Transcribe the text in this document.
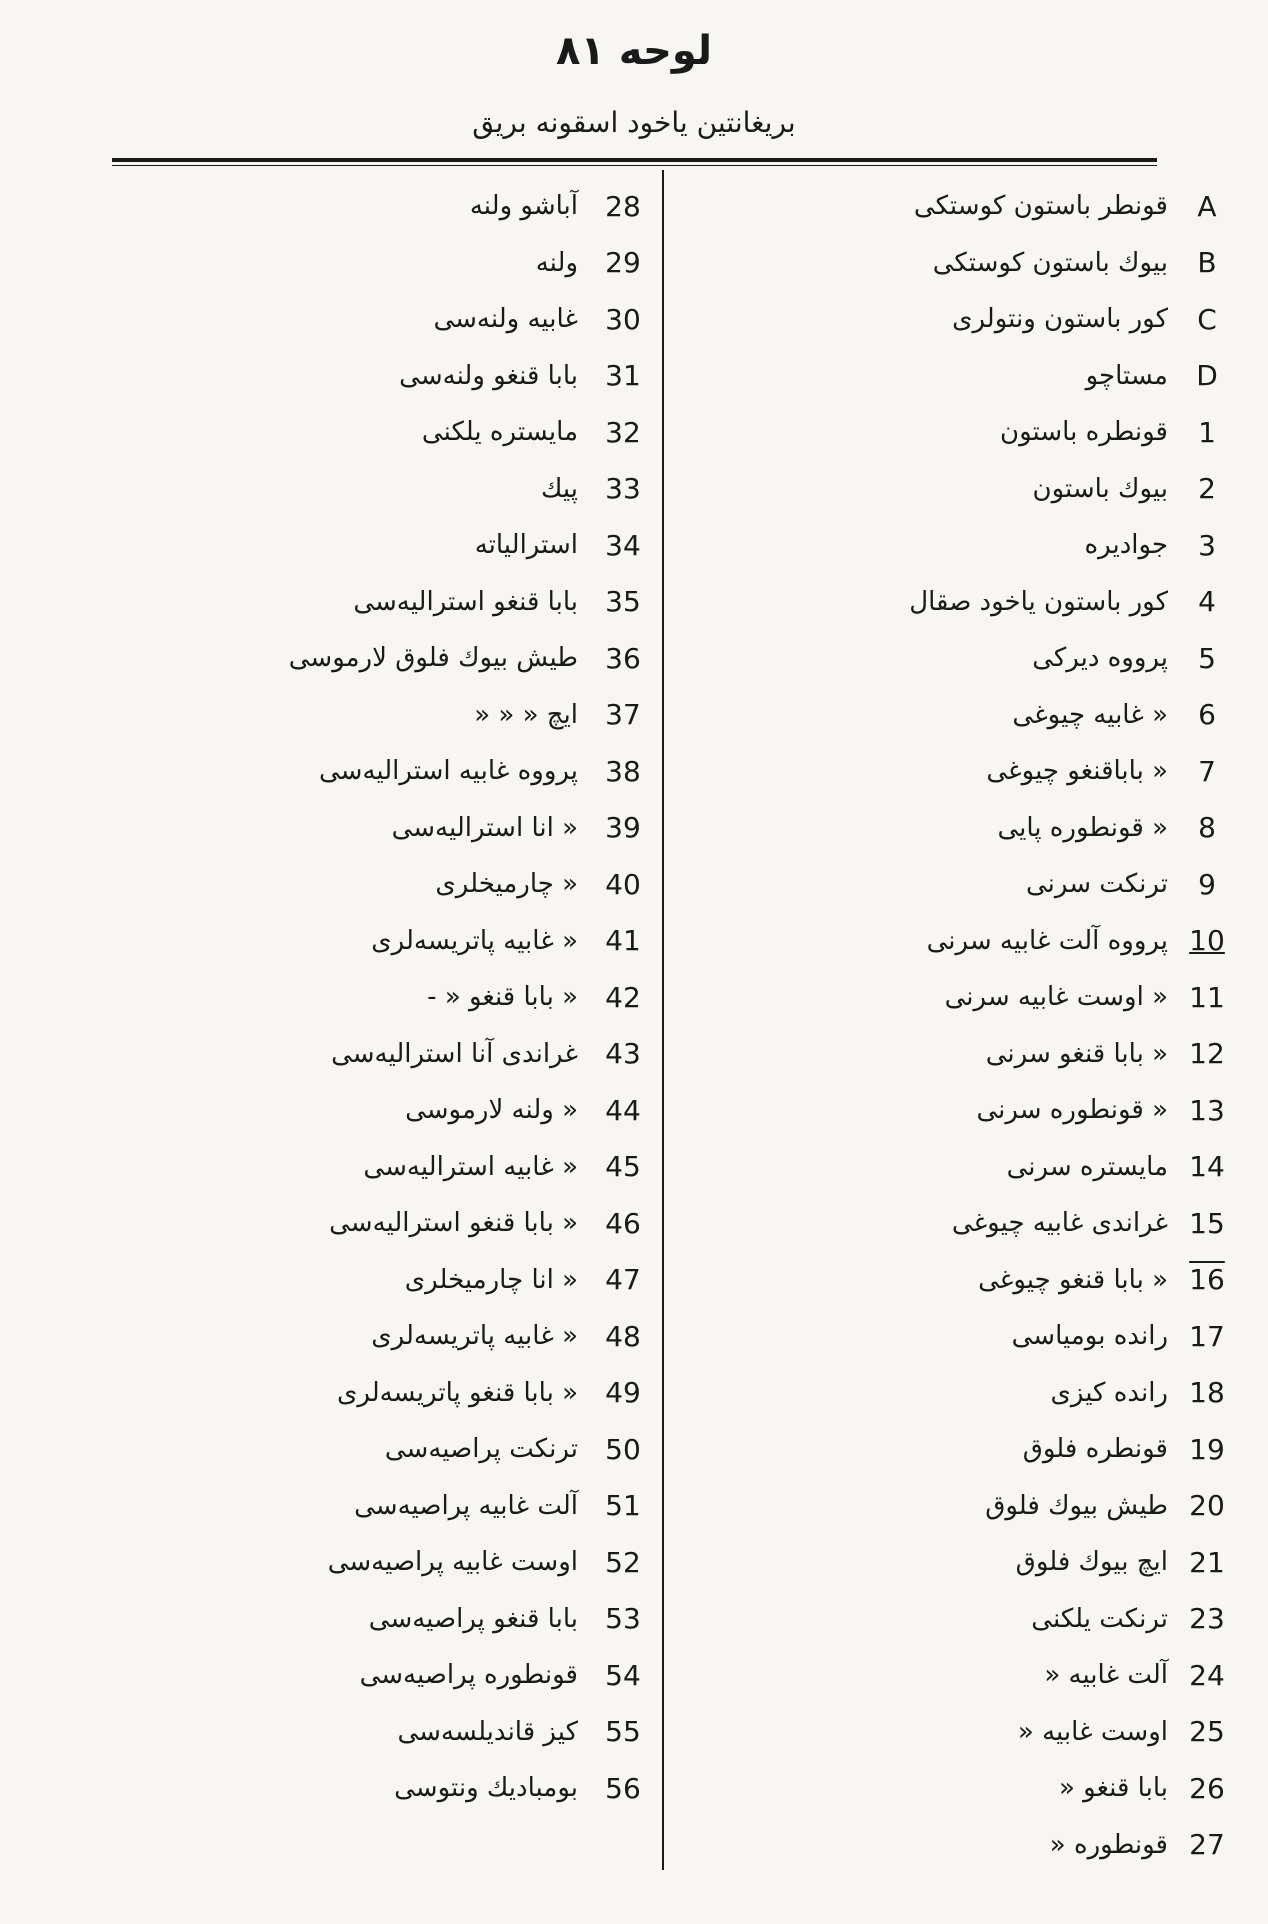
لوحه ۸۱
بریغانتین یاخود اسقونه بریق
A
قونطر باستون کوستکی
B
بیوك باستون کوستکی
C
کور باستون ونتولری
D
مستاچو
1
قونطره باستون
2
بیوك باستون
3
جوادیره
4
کور باستون یاخود صقال
5
پرووه دیرکی
6
« غابیه چیوغی
7
« باباقنغو چیوغی
8
« قونطوره پایی
9
ترنکت سرنی
10
پرووه آلت غابیه سرنی
11
« اوست غابیه سرنی
12
« بابا قنغو سرنی
13
« قونطوره سرنی
14
مایستره سرنی
15
غراندی غابیه چیوغی
16
« بابا قنغو چیوغی
17
رانده بومیاسی
18
رانده کیزی
19
قونطره فلوق
20
طیش بیوك فلوق
21
ایچ بیوك فلوق
23
ترنکت یلکنی
24
آلت غابیه «
25
اوست غابیه «
26
بابا قنغو «
27
قونطوره «
28
آباشو ولنه
29
ولنه
30
غابیه ولنه‌سی
31
بابا قنغو ولنه‌سی
32
مایستره یلکنی
33
پیك
34
استرالیاته
35
بابا قنغو استرالیه‌سی
36
طیش بیوك فلوق لارموسی
37
ایچ « « «
38
پرووه غابیه استرالیه‌سی
39
« انا استرالیه‌سی
40
« چارمیخلری
41
« غابیه پاتریسه‌لری
42
« بابا قنغو « -
43
غراندی آنا استرالیه‌سی
44
« ولنه لارموسی
45
« غابیه استرالیه‌سی
46
« بابا قنغو استرالیه‌سی
47
« انا چارمیخلری
48
« غابیه پاتریسه‌لری
49
« بابا قنغو پاتریسه‌لری
50
ترنکت پراصیه‌سی
51
آلت غابیه پراصیه‌سی
52
اوست غابیه پراصیه‌سی
53
بابا قنغو پراصیه‌سی
54
قونطوره پراصیه‌سی
55
کیز قاندیلسه‌سی
56
بومبادیك ونتوسی
